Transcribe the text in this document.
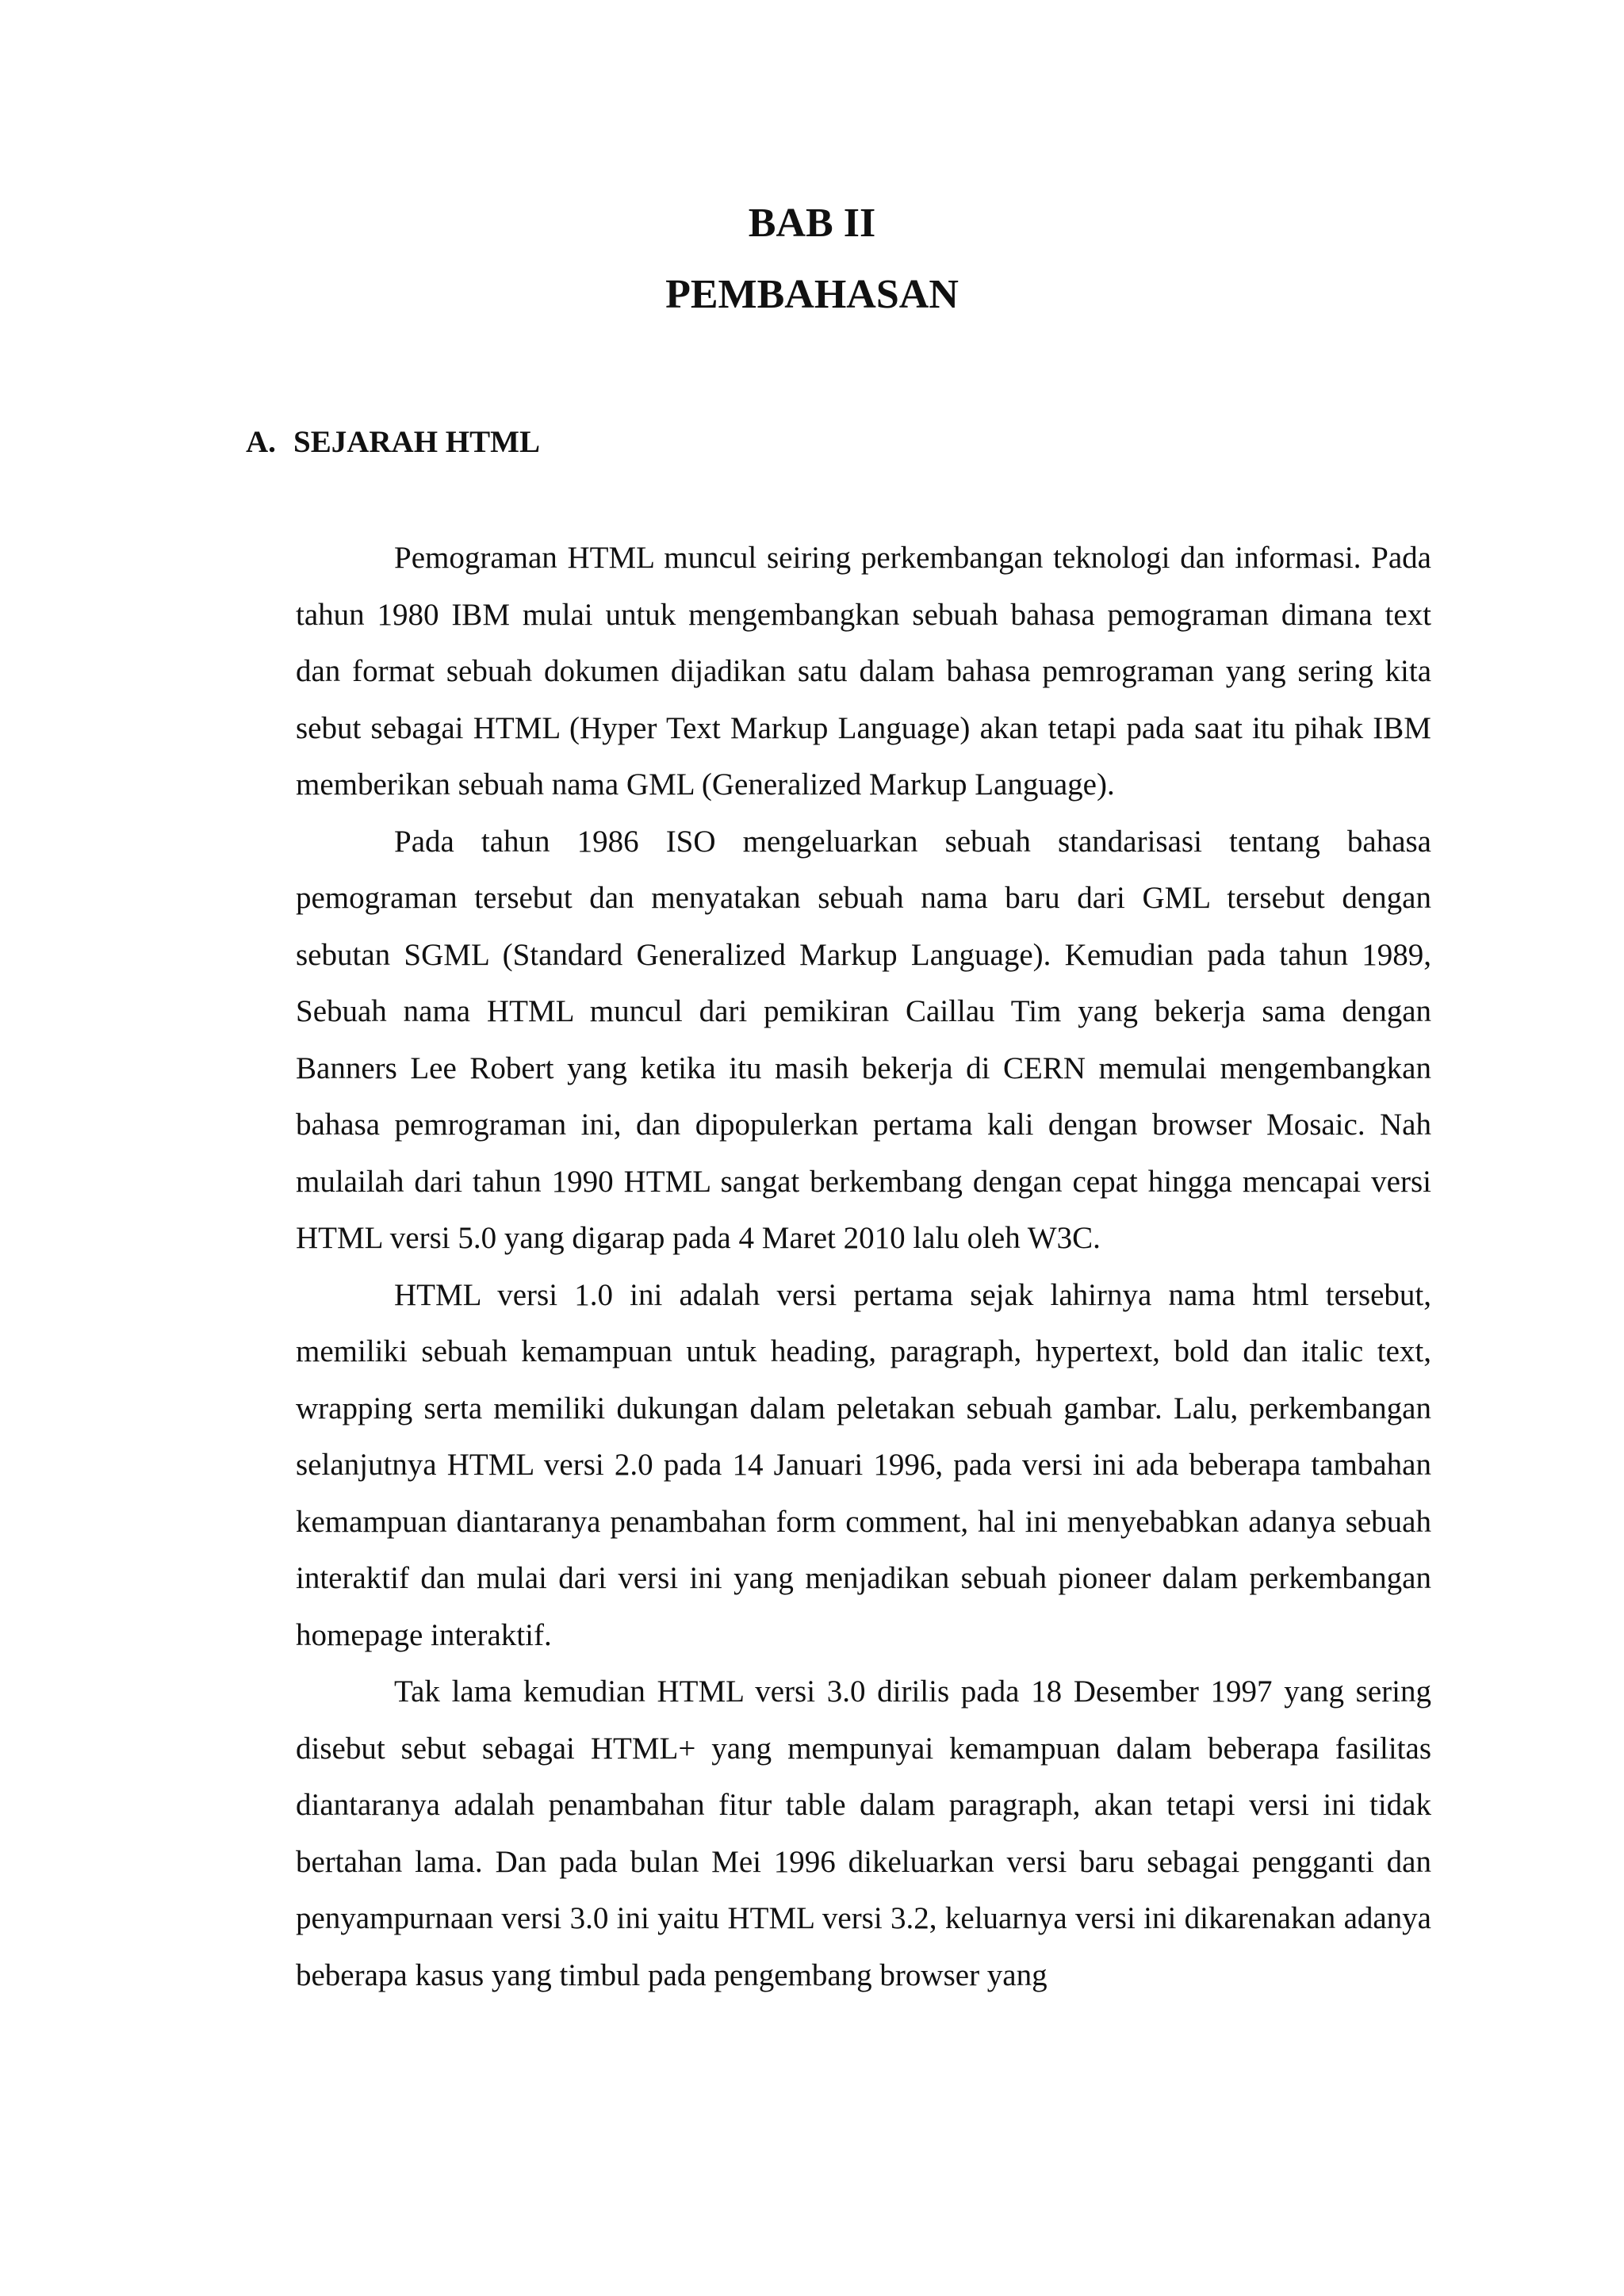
BAB II
PEMBAHASAN
A. SEJARAH HTML

Pemograman HTML muncul seiring perkembangan teknologi dan informasi. Pada tahun 1980 IBM mulai untuk mengembangkan sebuah bahasa pemograman dimana text dan format sebuah dokumen dijadikan satu dalam bahasa pemrograman yang sering kita sebut sebagai HTML (Hyper Text Markup Language) akan tetapi pada saat itu pihak IBM memberikan sebuah nama GML (Generalized Markup Language).

Pada tahun 1986 ISO mengeluarkan sebuah standarisasi tentang bahasa pemograman tersebut dan menyatakan sebuah nama baru dari GML tersebut dengan sebutan SGML (Standard Generalized Markup Language). Kemudian pada tahun 1989, Sebuah nama HTML muncul dari pemikiran Caillau Tim yang bekerja sama dengan Banners Lee Robert yang ketika itu masih bekerja di CERN memulai mengembangkan bahasa pemrograman ini, dan dipopulerkan pertama kali dengan browser Mosaic. Nah mulailah dari tahun 1990 HTML sangat berkembang dengan cepat hingga mencapai versi HTML versi 5.0 yang digarap pada 4 Maret 2010 lalu oleh W3C.

HTML versi 1.0 ini adalah versi pertama sejak lahirnya nama html tersebut, memiliki sebuah kemampuan untuk heading, paragraph, hypertext, bold dan italic text, wrapping serta memiliki dukungan dalam peletakan sebuah gambar. Lalu, perkembangan selanjutnya HTML versi 2.0 pada 14 Januari 1996, pada versi ini ada beberapa tambahan kemampuan diantaranya penambahan form comment, hal ini menyebabkan adanya sebuah interaktif dan mulai dari versi ini yang menjadikan sebuah pioneer dalam perkembangan homepage interaktif.

Tak lama kemudian HTML versi 3.0 dirilis pada 18 Desember 1997 yang sering disebut sebut sebagai HTML+ yang mempunyai kemampuan dalam beberapa fasilitas diantaranya adalah penambahan fitur table dalam paragraph, akan tetapi versi ini tidak bertahan lama. Dan pada bulan Mei 1996 dikeluarkan versi baru sebagai pengganti dan penyampurnaan versi 3.0 ini yaitu HTML versi 3.2, keluarnya versi ini dikarenakan adanya beberapa kasus yang timbul pada pengembang browser yang
